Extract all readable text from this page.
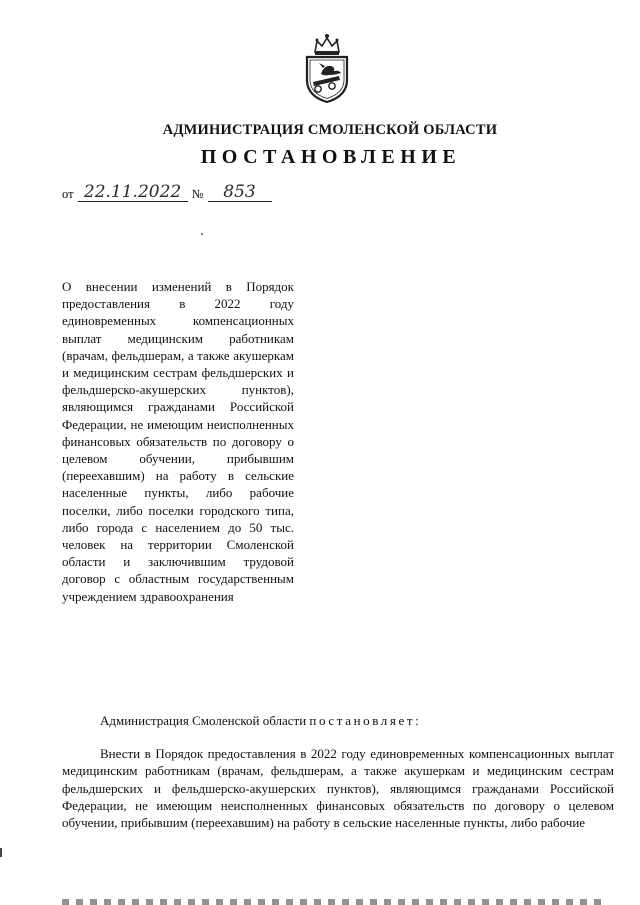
АДМИНИСТРАЦИЯ СМОЛЕНСКОЙ ОБЛАСТИ
ПОСТАНОВЛЕНИЕ
от 22.11.2022 №	853
О внесении изменений в Порядок предоставления в 2022 году единовременных компенсационных выплат медицинским работникам (врачам, фельдшерам, а также акушеркам и медицинским сестрам фельдшерских и фельдшерско-акушерских пунктов), являющимся гражданами Российской Федерации, не имеющим неисполненных финансовых обязательств по договору о целевом обучении, прибывшим (переехавшим) на работу в сельские населенные пункты, либо рабочие поселки, либо поселки городского типа, либо города с населением до 50 тыс. человек на территории Смоленской области и заключившим трудовой договор с областным государственным учреждением здравоохранения
Администрация Смоленской области постановляет:
Внести в Порядок предоставления в 2022 году единовременных компенсационных выплат медицинским работникам (врачам, фельдшерам, а также акушеркам и медицинским сестрам фельдшерских и фельдшерско-акушерских пунктов), являющимся гражданами Российской Федерации, не имеющим неисполненных финансовых обязательств по договору о целевом обучении, прибывшим (переехавшим) на работу в сельские населенные пункты, либо рабочие
